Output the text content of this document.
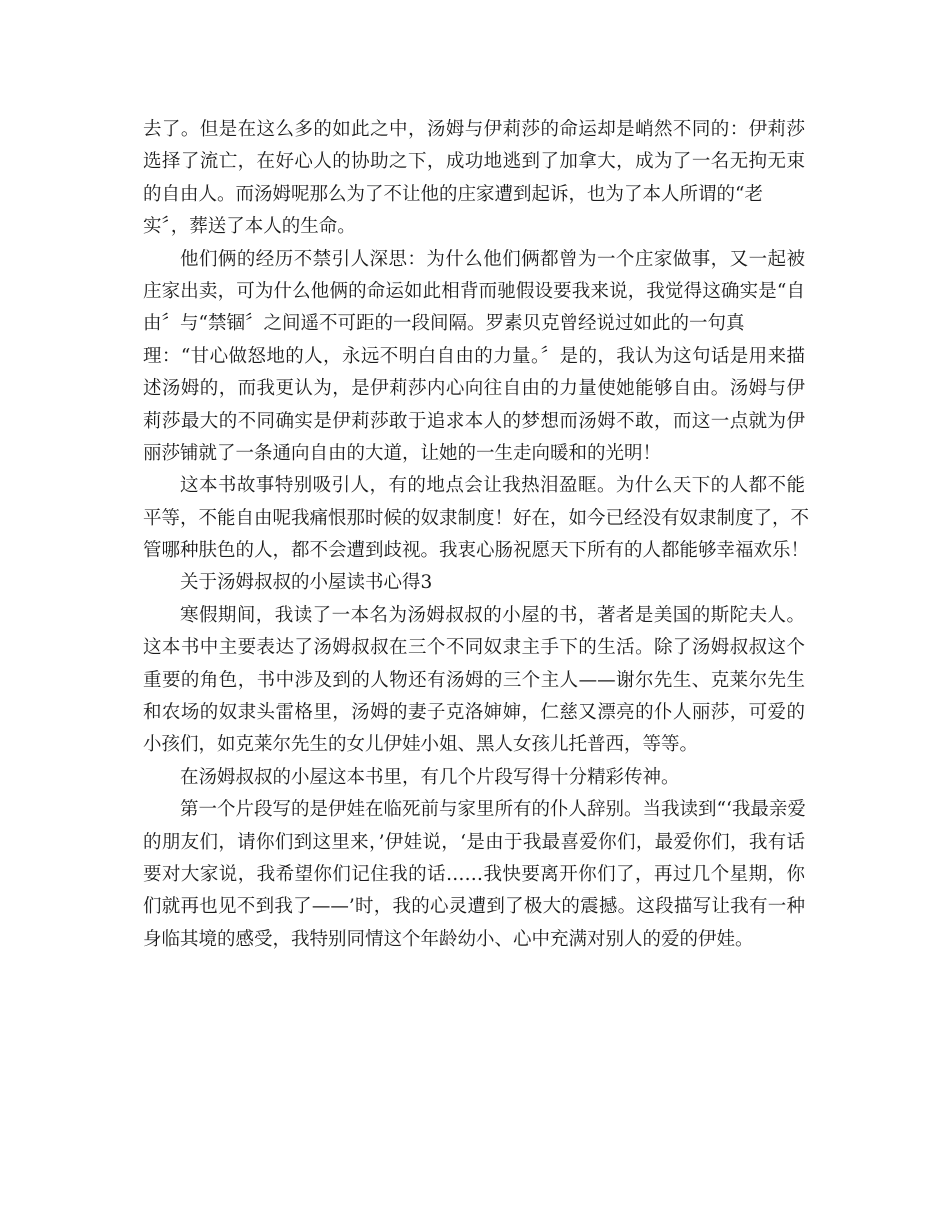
去了。但是在这么多的如此之中，汤姆与伊莉莎的命运却是峭然不同的：伊莉莎
选择了流亡，在好心人的协助之下，成功地逃到了加拿大，成为了一名无拘无束
的自由人。而汤姆呢那么为了不让他的庄家遭到起诉，也为了本人所谓的“老
实〞，葬送了本人的生命。
他们俩的经历不禁引人深思：为什么他们俩都曾为一个庄家做事，又一起被
庄家出卖，可为什么他俩的命运如此相背而驰假设要我来说，我觉得这确实是“自
由〞与“禁锢〞之间遥不可距的一段间隔。罗素贝克曾经说过如此的一句真
理：“甘心做怒地的人，永远不明白自由的力量。〞是的，我认为这句话是用来描
述汤姆的，而我更认为，是伊莉莎内心向往自由的力量使她能够自由。汤姆与伊
莉莎最大的不同确实是伊莉莎敢于追求本人的梦想而汤姆不敢，而这一点就为伊
丽莎铺就了一条通向自由的大道，让她的一生走向暖和的光明！
这本书故事特别吸引人，有的地点会让我热泪盈眶。为什么天下的人都不能
平等，不能自由呢我痛恨那时候的奴隶制度！好在，如今已经没有奴隶制度了，不
管哪种肤色的人，都不会遭到歧视。我衷心肠祝愿天下所有的人都能够幸福欢乐！
关于汤姆叔叔的小屋读书心得3
寒假期间，我读了一本名为汤姆叔叔的小屋的书，著者是美国的斯陀夫人。
这本书中主要表达了汤姆叔叔在三个不同奴隶主手下的生活。除了汤姆叔叔这个
重要的角色，书中涉及到的人物还有汤姆的三个主人——谢尔先生、克莱尔先生
和农场的奴隶头雷格里，汤姆的妻子克洛婶婶，仁慈又漂亮的仆人丽莎，可爱的
小孩们，如克莱尔先生的女儿伊娃小姐、黑人女孩儿托普西，等等。
在汤姆叔叔的小屋这本书里，有几个片段写得十分精彩传神。
第一个片段写的是伊娃在临死前与家里所有的仆人辞别。当我读到“‘我最亲爱
的朋友们，请你们到这里来，’伊娃说，‘是由于我最喜爱你们，最爱你们，我有话
要对大家说，我希望你们记住我的话……我快要离开你们了，再过几个星期，你
们就再也见不到我了——’时，我的心灵遭到了极大的震撼。这段描写让我有一种
身临其境的感受，我特别同情这个年龄幼小、心中充满对别人的爱的伊娃。
